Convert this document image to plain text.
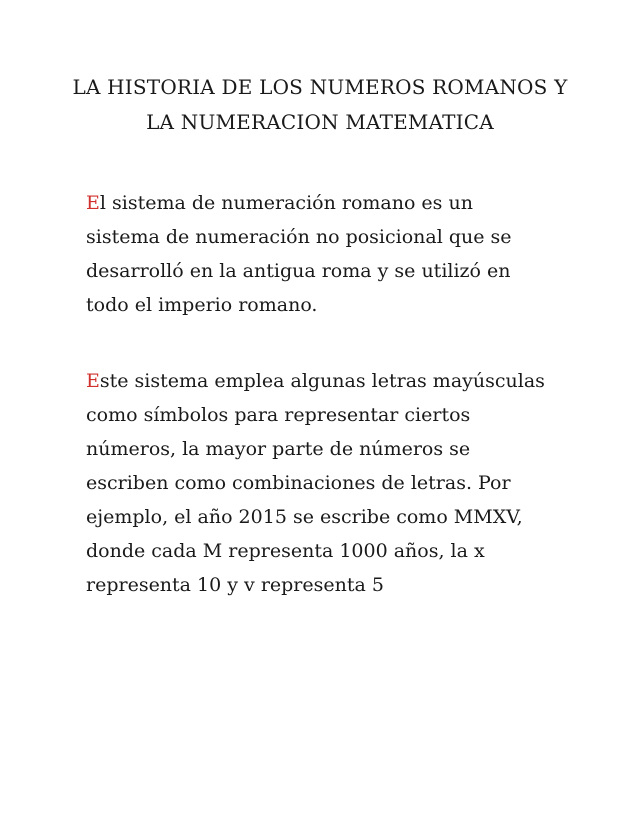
LA HISTORIA DE LOS NUMEROS ROMANOS Y
LA NUMERACION MATEMATICA
El sistema de numeración romano es un
sistema de numeración no posicional que se
desarrolló en la antigua roma y se utilizó en
todo el imperio romano.
Este sistema emplea algunas letras mayúsculas
como símbolos para representar ciertos
números, la mayor parte de números se
escriben como combinaciones de letras. Por
ejemplo, el año 2015 se escribe como MMXV,
donde cada M representa 1000 años, la x
representa 10 y v representa 5
